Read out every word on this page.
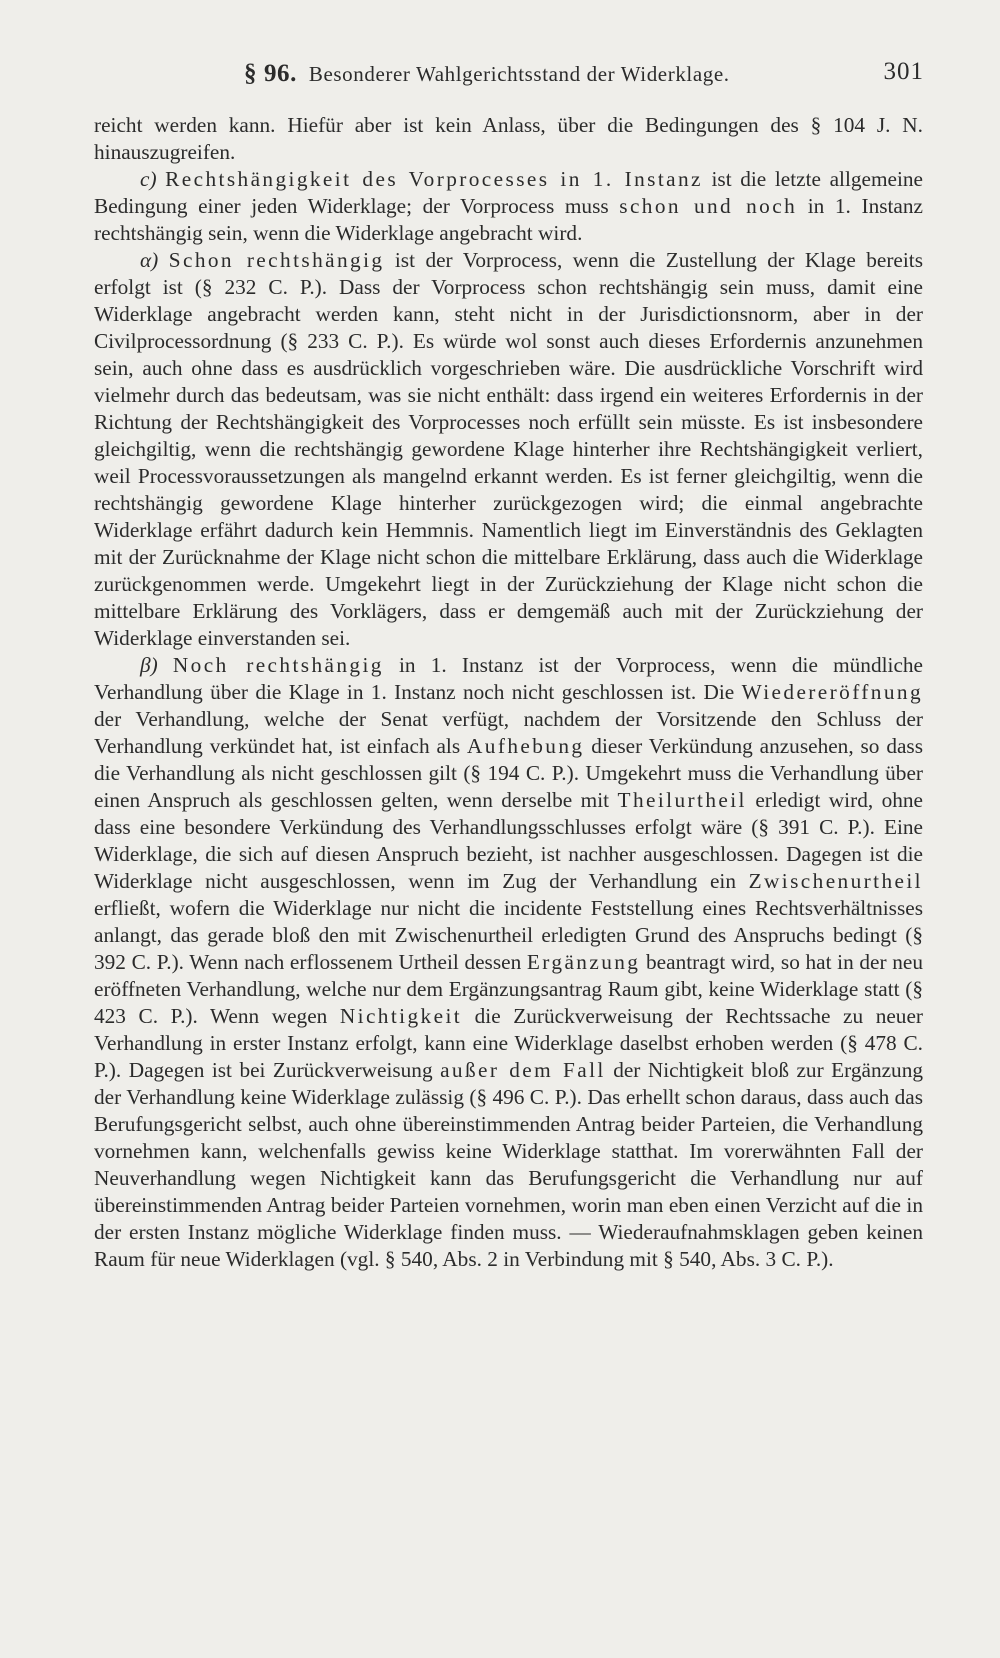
§ 96. Besonderer Wahlgerichtsstand der Widerklage.	301

reicht werden kann. Hiefür aber ist kein Anlass, über die Bedingungen des § 104 J. N. hinauszugreifen.

c) Rechtshängigkeit des Vorprocesses in 1. Instanz ist die letzte allgemeine Bedingung einer jeden Widerklage; der Vorprocess muss schon und noch in 1. Instanz rechtshängig sein, wenn die Widerklage angebracht wird.

α) Schon rechtshängig ist der Vorprocess, wenn die Zustellung der Klage bereits erfolgt ist (§ 232 C. P.). Dass der Vorprocess schon rechtshängig sein muss, damit eine Widerklage angebracht werden kann, steht nicht in der Jurisdictionsnorm, aber in der Civilprocessordnung (§ 233 C. P.). Es würde wol sonst auch dieses Erfordernis anzunehmen sein, auch ohne dass es ausdrücklich vorgeschrieben wäre. Die ausdrückliche Vorschrift wird vielmehr durch das bedeutsam, was sie nicht enthält: dass irgend ein weiteres Erfordernis in der Richtung der Rechtshängigkeit des Vorprocesses noch erfüllt sein müsste. Es ist insbesondere gleichgiltig, wenn die rechtshängig gewordene Klage hinterher ihre Rechtshängigkeit verliert, weil Processvoraussetzungen als mangelnd erkannt werden. Es ist ferner gleichgiltig, wenn die rechtshängig gewordene Klage hinterher zurückgezogen wird; die einmal angebrachte Widerklage erfährt dadurch kein Hemmnis. Namentlich liegt im Einverständnis des Geklagten mit der Zurücknahme der Klage nicht schon die mittelbare Erklärung, dass auch die Widerklage zurückgenommen werde. Umgekehrt liegt in der Zurückziehung der Klage nicht schon die mittelbare Erklärung des Vorklägers, dass er demgemäß auch mit der Zurückziehung der Widerklage einverstanden sei.

β) Noch rechtshängig in 1. Instanz ist der Vorprocess, wenn die mündliche Verhandlung über die Klage in 1. Instanz noch nicht geschlossen ist. Die Wiedereröffnung der Verhandlung, welche der Senat verfügt, nachdem der Vorsitzende den Schluss der Verhandlung verkündet hat, ist einfach als Aufhebung dieser Verkündung anzusehen, so dass die Verhandlung als nicht geschlossen gilt (§ 194 C. P.). Umgekehrt muss die Verhandlung über einen Anspruch als geschlossen gelten, wenn derselbe mit Theilurtheil erledigt wird, ohne dass eine besondere Verkündung des Verhandlungsschlusses erfolgt wäre (§ 391 C. P.). Eine Widerklage, die sich auf diesen Anspruch bezieht, ist nachher ausgeschlossen. Dagegen ist die Widerklage nicht ausgeschlossen, wenn im Zug der Verhandlung ein Zwischenurtheil erfließt, wofern die Widerklage nur nicht die incidente Feststellung eines Rechtsverhältnisses anlangt, das gerade bloß den mit Zwischenurtheil erledigten Grund des Anspruchs bedingt (§ 392 C. P.). Wenn nach erflossenem Urtheil dessen Ergänzung beantragt wird, so hat in der neu eröffneten Verhandlung, welche nur dem Ergänzungsantrag Raum gibt, keine Widerklage statt (§ 423 C. P.). Wenn wegen Nichtigkeit die Zurückverweisung der Rechtssache zu neuer Verhandlung in erster Instanz erfolgt, kann eine Widerklage daselbst erhoben werden (§ 478 C. P.). Dagegen ist bei Zurückverweisung außer dem Fall der Nichtigkeit bloß zur Ergänzung der Verhandlung keine Widerklage zulässig (§ 496 C. P.). Das erhellt schon daraus, dass auch das Berufungsgericht selbst, auch ohne übereinstimmenden Antrag beider Parteien, die Verhandlung vornehmen kann, welchenfalls gewiss keine Widerklage statthat. Im vorerwähnten Fall der Neuverhandlung wegen Nichtigkeit kann das Berufungsgericht die Verhandlung nur auf übereinstimmenden Antrag beider Parteien vornehmen, worin man eben einen Verzicht auf die in der ersten Instanz mögliche Widerklage finden muss. — Wiederaufnahmsklagen geben keinen Raum für neue Widerklagen (vgl. § 540, Abs. 2 in Verbindung mit § 540, Abs. 3 C. P.).
